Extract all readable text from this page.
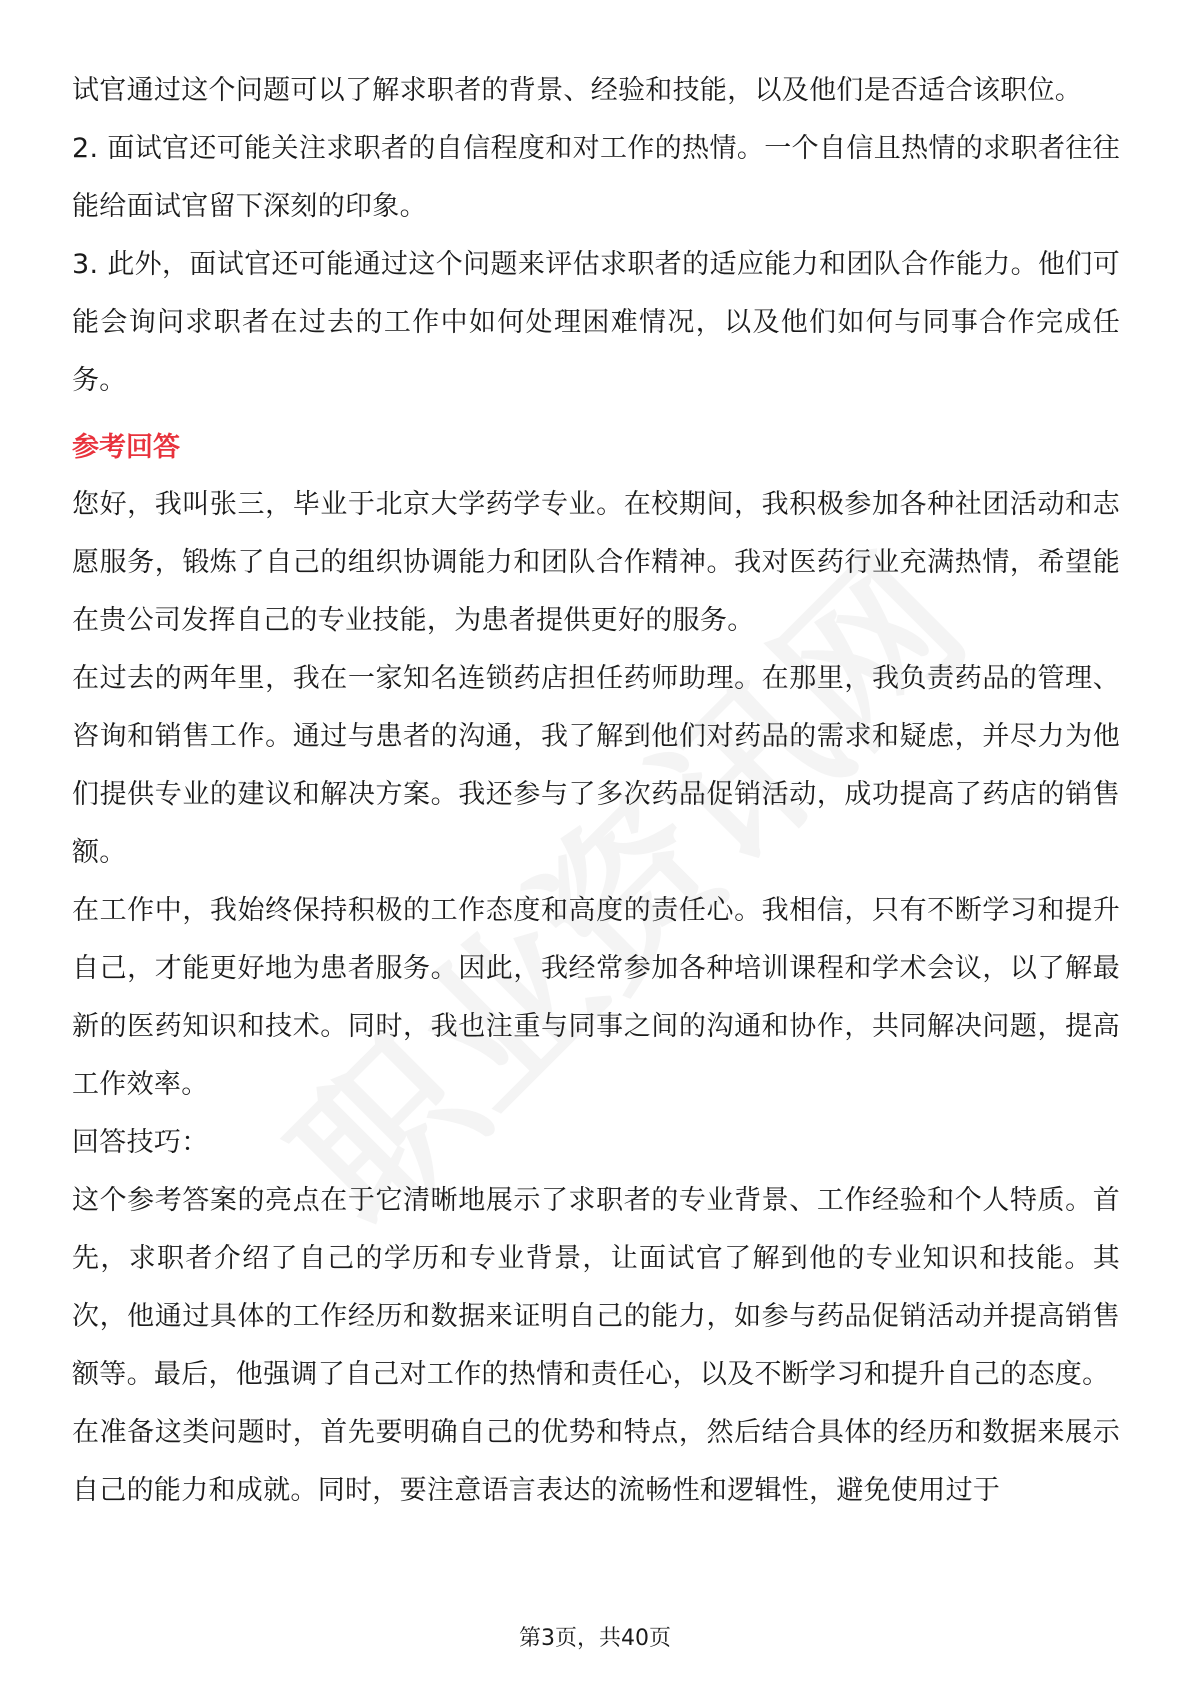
试官通过这个问题可以了解求职者的背景、经验和技能，以及他们是否适合该职位。

2. 面试官还可能关注求职者的自信程度和对工作的热情。一个自信且热情的求职者往往能给面试官留下深刻的印象。

3. 此外，面试官还可能通过这个问题来评估求职者的适应能力和团队合作能力。他们可能会询问求职者在过去的工作中如何处理困难情况，以及他们如何与同事合作完成任务。

参考回答

您好，我叫张三，毕业于北京大学药学专业。在校期间，我积极参加各种社团活动和志愿服务，锻炼了自己的组织协调能力和团队合作精神。我对医药行业充满热情，希望能在贵公司发挥自己的专业技能，为患者提供更好的服务。

在过去的两年里，我在一家知名连锁药店担任药师助理。在那里，我负责药品的管理、咨询和销售工作。通过与患者的沟通，我了解到他们对药品的需求和疑虑，并尽力为他们提供专业的建议和解决方案。我还参与了多次药品促销活动，成功提高了药店的销售额。

在工作中，我始终保持积极的工作态度和高度的责任心。我相信，只有不断学习和提升自己，才能更好地为患者服务。因此，我经常参加各种培训课程和学术会议，以了解最新的医药知识和技术。同时，我也注重与同事之间的沟通和协作，共同解决问题，提高工作效率。

回答技巧：

这个参考答案的亮点在于它清晰地展示了求职者的专业背景、工作经验和个人特质。首先，求职者介绍了自己的学历和专业背景，让面试官了解到他的专业知识和技能。其次，他通过具体的工作经历和数据来证明自己的能力，如参与药品促销活动并提高销售额等。最后，他强调了自己对工作的热情和责任心，以及不断学习和提升自己的态度。

在准备这类问题时，首先要明确自己的优势和特点，然后结合具体的经历和数据来展示自己的能力和成就。同时，要注意语言表达的流畅性和逻辑性，避免使用过于

第3页，共40页
